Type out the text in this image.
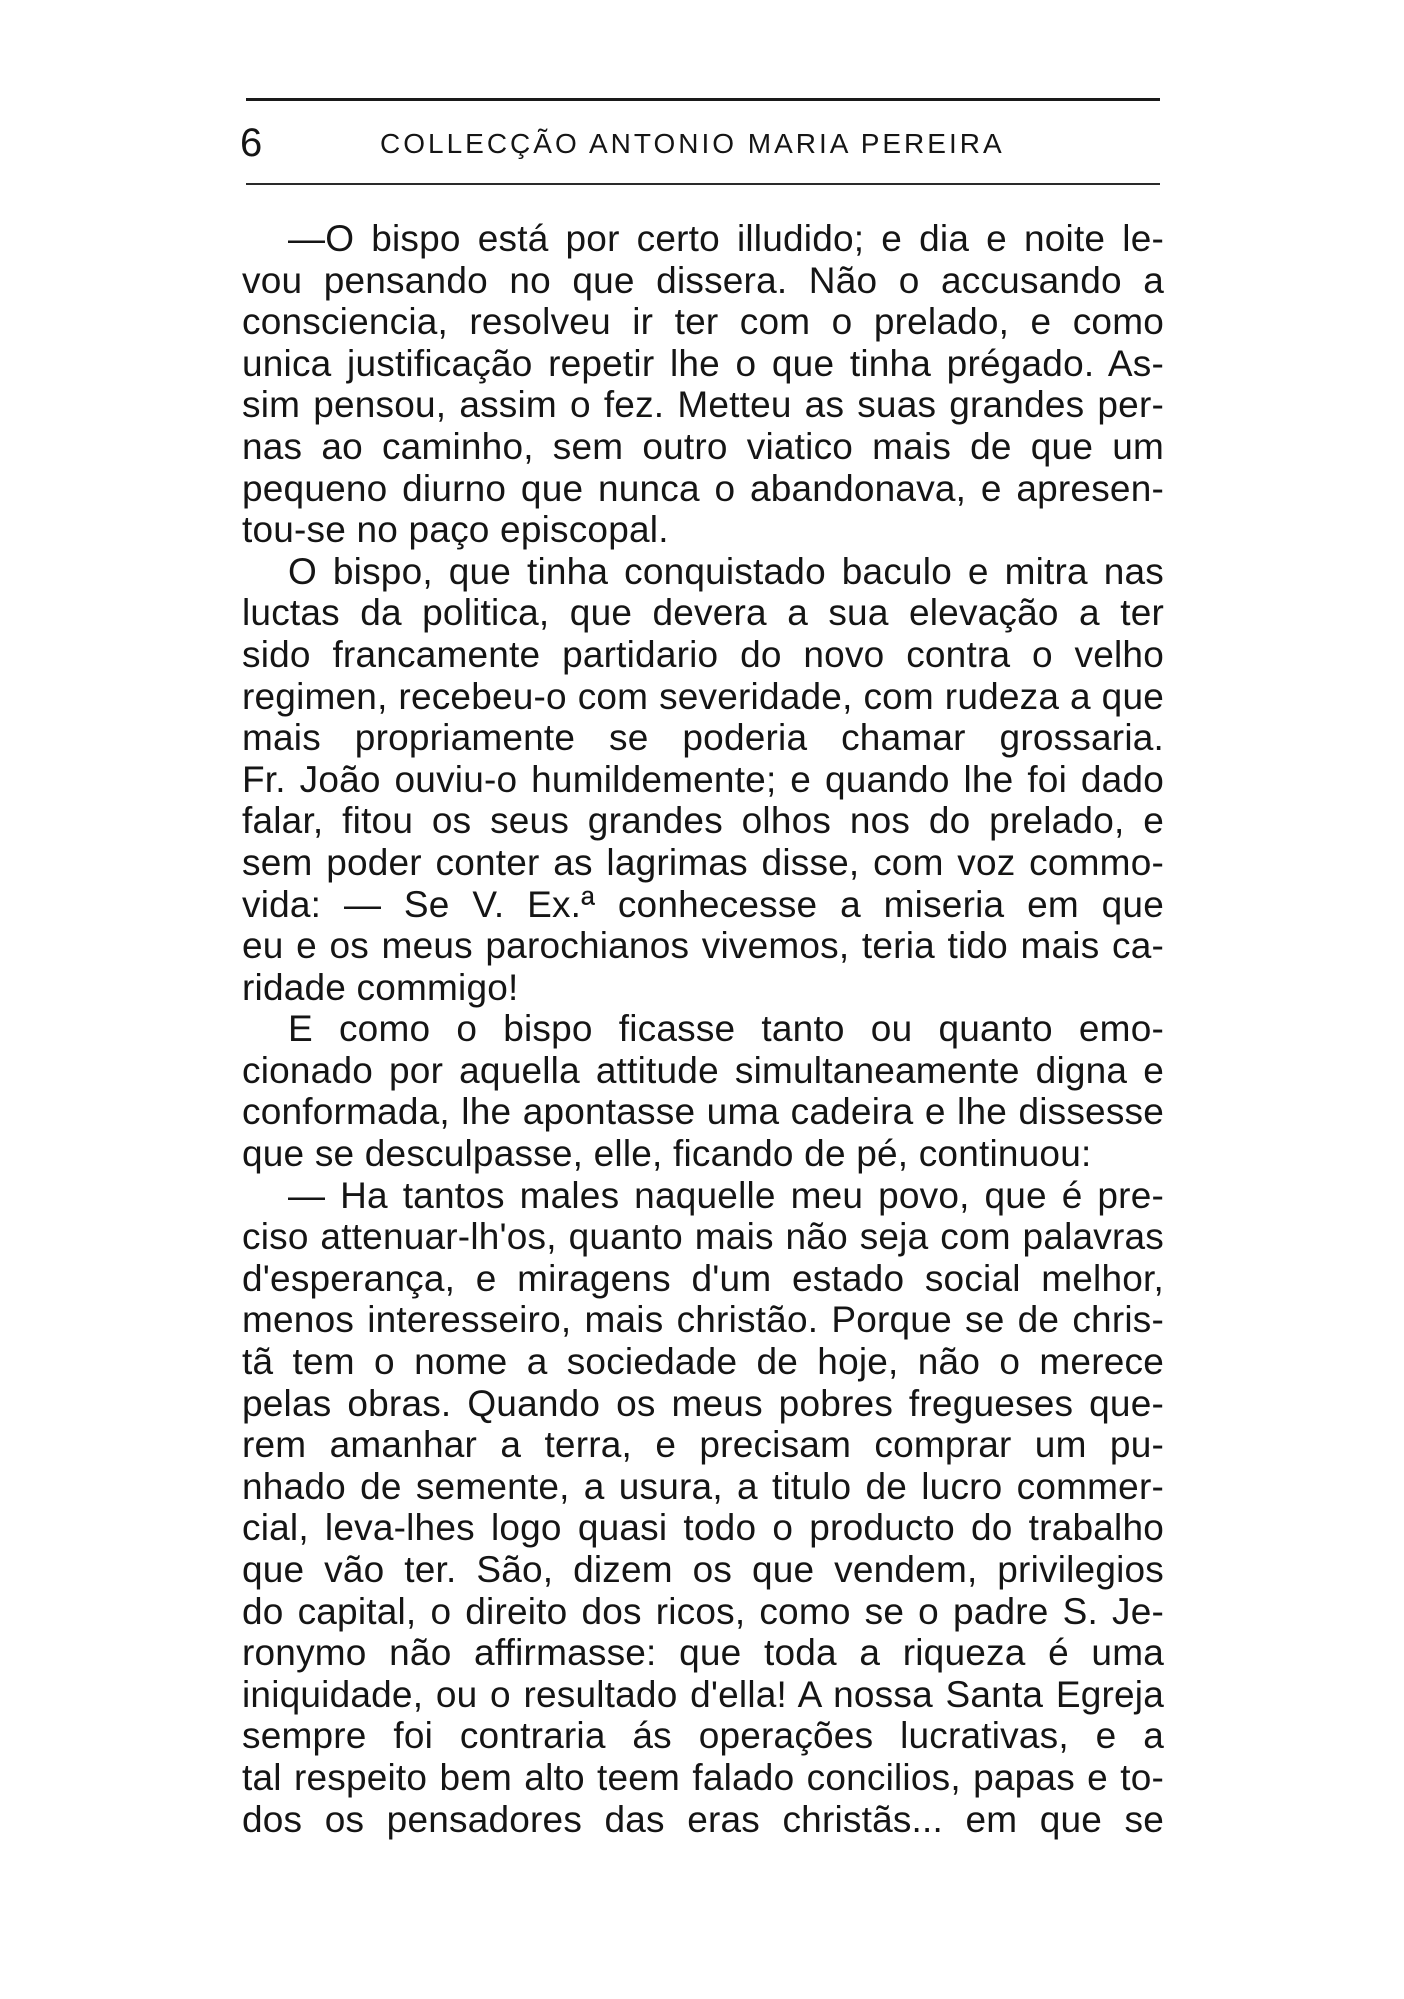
6	COLLECÇÃO ANTONIO MARIA PEREIRA
—O bispo está por certo illudido; e dia e noite le-
vou pensando no que dissera. Não o accusando a
consciencia, resolveu ir ter com o prelado, e como
unica justificação repetir lhe o que tinha prégado. As-
sim pensou, assim o fez. Metteu as suas grandes per-
nas ao caminho, sem outro viatico mais de que um
pequeno diurno que nunca o abandonava, e apresen-
tou-se no paço episcopal.
O bispo, que tinha conquistado baculo e mitra nas
luctas da politica, que devera a sua elevação a ter
sido francamente partidario do novo contra o velho
regimen, recebeu-o com severidade, com rudeza a que
mais propriamente se poderia chamar grossaria.
Fr. João ouviu-o humildemente; e quando lhe foi dado
falar, fitou os seus grandes olhos nos do prelado, e
sem poder conter as lagrimas disse, com voz commo-
vida: — Se V. Ex.ª conhecesse a miseria em que
eu e os meus parochianos vivemos, teria tido mais ca-
ridade commigo!
E como o bispo ficasse tanto ou quanto emo-
cionado por aquella attitude simultaneamente digna e
conformada, lhe apontasse uma cadeira e lhe dissesse
que se desculpasse, elle, ficando de pé, continuou:
— Ha tantos males naquelle meu povo, que é pre-
ciso attenuar-lh'os, quanto mais não seja com palavras
d'esperança, e miragens d'um estado social melhor,
menos interesseiro, mais christão. Porque se de chris-
tã tem o nome a sociedade de hoje, não o merece
pelas obras. Quando os meus pobres fregueses que-
rem amanhar a terra, e precisam comprar um pu-
nhado de semente, a usura, a titulo de lucro commer-
cial, leva-lhes logo quasi todo o producto do trabalho
que vão ter. São, dizem os que vendem, privilegios
do capital, o direito dos ricos, como se o padre S. Je-
ronymo não affirmasse: que toda a riqueza é uma
iniquidade, ou o resultado d'ella! A nossa Santa Egreja
sempre foi contraria ás operações lucrativas, e a
tal respeito bem alto teem falado concilios, papas e to-
dos os pensadores das eras christãs... em que se
